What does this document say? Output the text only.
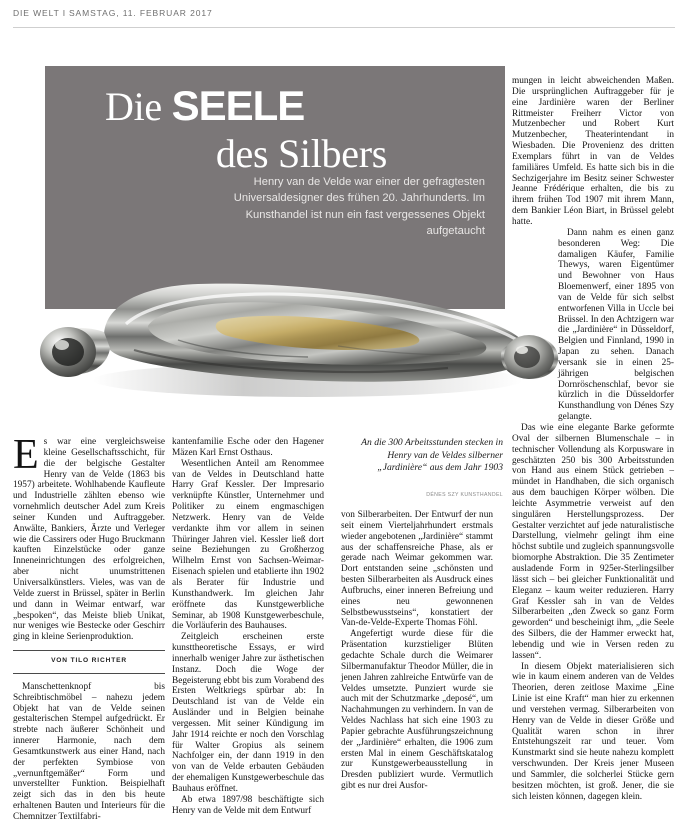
DIE WELT I SAMSTAG, 11. FEBRUAR 2017
Die SEELE
des Silbers
Henry van de Velde war einer der gefragtesten Universaldesigner des frühen 20. Jahrhunderts. Im Kunsthandel ist nun ein fast vergessenes Objekt aufgetaucht
An die 300 Arbeitsstunden stecken in Henry van de Veldes silberner „Jardinière“ aus dem Jahr 1903
DÉNES SZY KUNSTHANDEL

Es war eine vergleichsweise kleine Gesellschaftsschicht, für die der belgische Gestalter Henry van de Velde (1863 bis 1957) arbeitete. Wohlhabende Kaufleute und Industrielle zählten ebenso wie vornehmlich deutscher Adel zum Kreis seiner Kunden und Auftraggeber. Anwälte, Bankiers, Ärzte und Verleger wie die Cassirers oder Hugo Bruckmann kauften Einzelstücke oder ganze Inneneinrichtungen des erfolgreichen, aber nicht unumstrittenen Universalkünstlers. Vieles, was van de Velde zuerst in Brüssel, später in Berlin und dann in Weimar entwarf, war „bespoken“, das Meiste blieb Unikat, nur weniges wie Bestecke oder Geschirr ging in kleine Serienproduktion.

VON TILO RICHTER

Manschettenknopf bis Schreibtischmöbel – nahezu jedem Objekt hat van de Velde seinen gestalterischen Stempel aufgedrückt. Er strebte nach äußerer Schönheit und innerer Harmonie, nach dem Gesamtkunstwerk aus einer Hand, nach der perfekten Symbiose von „vernunftgemäßer“ Form und unverstellter Funktion. Beispielhaft zeigt sich das in den bis heute erhaltenen Bauten und Interieurs für die Chemnitzer Textilfabri-

kantenfamilie Esche oder den Hagener Mäzen Karl Ernst Osthaus.

Wesentlichen Anteil am Renommee van de Veldes in Deutschland hatte Harry Graf Kessler. Der Impresario verknüpfte Künstler, Unternehmer und Politiker zu einem engmaschigen Netzwerk. Henry van de Velde verdankte ihm vor allem in seinen Thüringer Jahren viel. Kessler ließ dort seine Beziehungen zu Großherzog Wilhelm Ernst von Sachsen-Weimar-Eisenach spielen und etablierte ihn 1902 als Berater für Industrie und Kunsthandwerk. Im gleichen Jahr eröffnete das Kunstgewerbliche Seminar, ab 1908 Kunstgewerbeschule, die Vorläuferin des Bauhauses.

Zeitgleich erscheinen erste kunsttheoretische Essays, er wird innerhalb weniger Jahre zur ästhetischen Instanz. Doch die Woge der Begeisterung ebbt bis zum Vorabend des Ersten Weltkriegs spürbar ab: In Deutschland ist van de Velde ein Ausländer und in Belgien beinahe vergessen. Mit seiner Kündigung im Jahr 1914 reichte er noch den Vorschlag für Walter Gropius als seinem Nachfolger ein, der dann 1919 in den von van de Velde erbauten Gebäuden der ehemaligen Kunstgewerbeschule das Bauhaus eröffnet.

Ab etwa 1897/98 beschäftigte sich Henry van de Velde mit dem Entwurf

von Silberarbeiten. Der Entwurf der nun seit einem Vierteljahrhundert erstmals wieder angebotenen „Jardinière“ stammt aus der schaffensreiche Phase, als er gerade nach Weimar gekommen war. Dort entstanden seine „schönsten und besten Silberarbeiten als Ausdruck eines Aufbruchs, einer inneren Befreiung und eines neu gewonnenen Selbstbewusstseins“, konstatiert der Van-de-Velde-Experte Thomas Föhl.

Angefertigt wurde diese für die Präsentation kurzstieliger Blüten gedachte Schale durch die Weimarer Silbermanufaktur Theodor Müller, die in jenen Jahren zahlreiche Entwürfe van de Veldes umsetzte. Punziert wurde sie auch mit der Schutzmarke „deposé“, um Nachahmungen zu verhindern. In van de Veldes Nachlass hat sich eine 1903 zu Papier gebrachte Ausführungszeichnung der „Jardinière“ erhalten, die 1906 zum ersten Mal in einem Geschäftskatalog zur Kunstgewerbeausstellung in Dresden publiziert wurde. Vermutlich gibt es nur drei Ausfor-

mungen in leicht abweichenden Maßen. Die ursprünglichen Auftraggeber für je eine Jardinière waren der Berliner Rittmeister Freiherr Victor von Mutzenbecher und Robert Kurt Mutzenbecher, Theaterintendant in Wiesbaden. Die Provenienz des dritten Exemplars führt in van de Veldes familiäres Umfeld. Es hatte sich bis in die Sechzigerjahre im Besitz seiner Schwester Jeanne Frédérique erhalten, die bis zu ihrem frühen Tod 1907 mit ihrem Mann, dem Bankier Léon Biart, in Brüssel gelebt hatte.

Dann nahm es einen ganz besonderen Weg: Die damaligen Käufer, Familie Thewys, waren Eigentümer und Bewohner von Haus Bloemenwerf, einer 1895 von van de Velde für sich selbst entworfenen Villa in Uccle bei Brüssel. In den Achtzigern war die „Jardinière“ in Düsseldorf, Belgien und Finnland, 1990 in Japan zu sehen. Danach versank sie in einen 25-jährigen belgischen Dornröschenschlaf, bevor sie kürzlich in die Düsseldorfer Kunsthandlung von Dénes Szy gelangte.

Das wie eine elegante Barke geformte Oval der silbernen Blumenschale – in technischer Vollendung als Korpusware in geschätzten 250 bis 300 Arbeitsstunden von Hand aus einem Stück getrieben – mündet in Handhaben, die sich organisch aus dem bauchigen Körper wölben. Die leichte Asymmetrie verweist auf den singulären Herstellungsprozess. Der Gestalter verzichtet auf jede naturalistische Darstellung, vielmehr gelingt ihm eine höchst subtile und zugleich spannungsvolle biomorphe Abstraktion. Die 35 Zentimeter ausladende Form in 925er-Sterlingsilber lässt sich – bei gleicher Funktionalität und Eleganz – kaum weiter reduzieren. Harry Graf Kessler sah in van de Veldes Silberarbeiten „den Zweck so ganz Form geworden“ und bescheinigt ihm, „die Seele des Silbers, die der Hammer erweckt hat, lebendig und wie in Versen reden zu lassen“.

In diesem Objekt materialisieren sich wie in kaum einem anderen van de Veldes Theorien, deren zeitlose Maxime „Eine Linie ist eine Kraft“ man hier zu erkennen und verstehen vermag. Silberarbeiten von Henry van de Velde in dieser Größe und Qualität waren schon in ihrer Entstehungszeit rar und teuer. Vom Kunstmarkt sind sie heute nahezu komplett verschwunden. Der Kreis jener Museen und Sammler, die solcherlei Stücke gern besitzen möchten, ist groß. Jener, die sie sich leisten können, dagegen klein.
